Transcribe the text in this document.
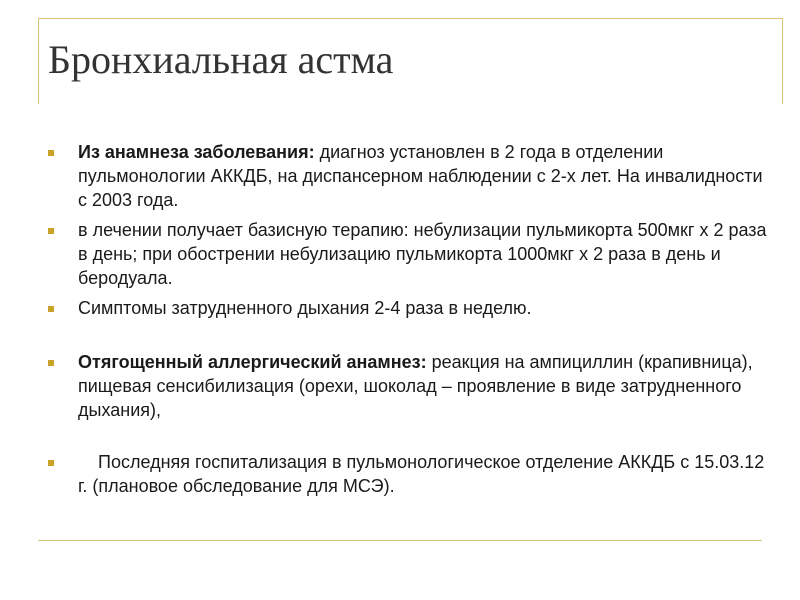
Бронхиальная астма
Из анамнеза заболевания: диагноз установлен в 2 года в отделении пульмонологии АККДБ, на диспансерном наблюдении с 2-х лет. На инвалидности с 2003 года.
в лечении получает базисную терапию: небулизации пульмикорта 500мкг х 2 раза в день; при обострении небулизацию пульмикорта 1000мкг х 2 раза в день и беродуала.
Симптомы затрудненного дыхания 2-4 раза в неделю.
Отягощенный аллергический анамнез: реакция на ампициллин (крапивница), пищевая сенсибилизация (орехи, шоколад – проявление в виде затрудненного дыхания),
Последняя госпитализация в пульмонологическое отделение АККДБ с 15.03.12 г. (плановое обследование для МСЭ).
